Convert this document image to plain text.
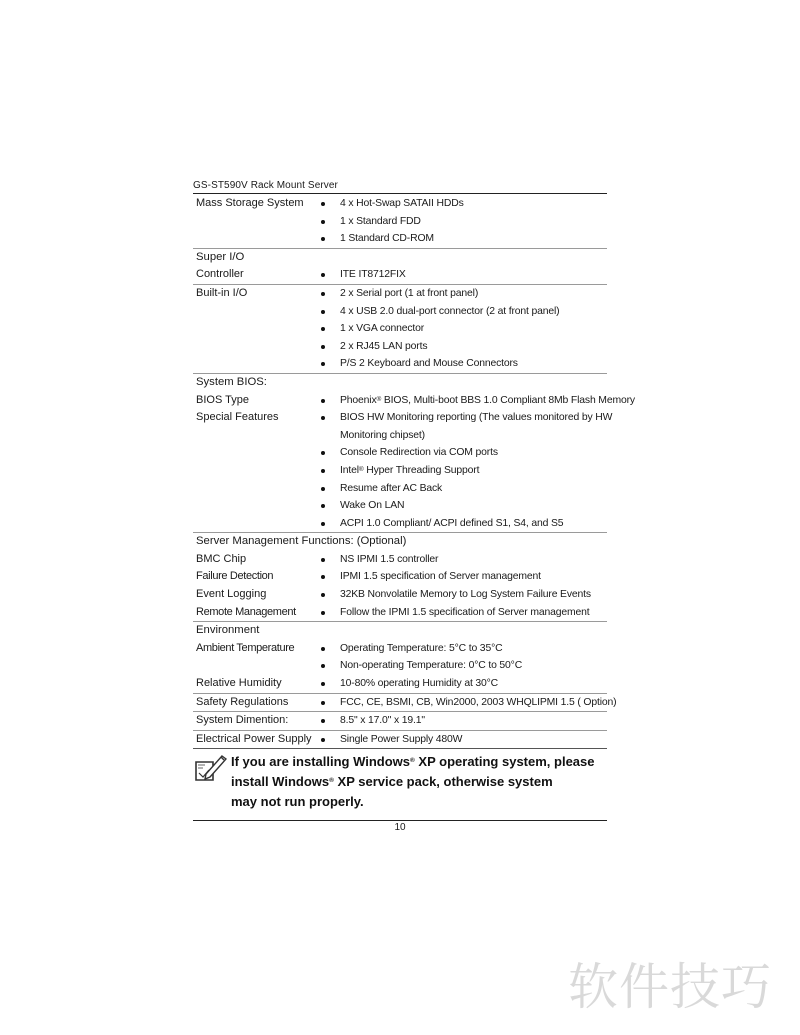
GS-ST590V Rack Mount Server
Mass Storage System	4 x Hot-Swap SATAII HDDs
1 x Standard FDD
1 Standard CD-ROM
Super I/O
Controller	ITE IT8712FIX
Built-in I/O	2 x Serial port (1 at front panel)
4 x USB 2.0 dual-port connector (2 at front panel)
1 x VGA connector
2 x RJ45 LAN ports
P/S 2 Keyboard and Mouse Connectors
System BIOS:
BIOS Type	Phoenix® BIOS, Multi-boot BBS 1.0 Compliant 8Mb Flash Memory
Special Features	BIOS HW Monitoring reporting (The values monitored by HW
Monitoring chipset)
Console Redirection via COM ports
Intel® Hyper Threading Support
Resume after AC Back
Wake On LAN
ACPI 1.0 Compliant/ ACPI defined S1, S4, and S5
Server Management Functions: (Optional)
BMC Chip	NS IPMI 1.5 controller
Failure Detection	IPMI 1.5 specification of Server management
Event Logging	32KB Nonvolatile Memory to Log System Failure Events
Remote Management	Follow the IPMI 1.5 specification of Server management
Environment
Ambient Temperature	Operating Temperature: 5°C to 35°C
Non-operating Temperature: 0°C to 50°C
Relative Humidity	10-80% operating Humidity at 30°C
Safety Regulations	FCC, CE, BSMI, CB, Win2000, 2003 WHQLIPMI 1.5 ( Option)
System Dimention:	8.5" x 17.0" x 19.1"
Electrical Power Supply	Single Power Supply 480W
If you are installing Windows® XP operating system, please
install Windows® XP service pack, otherwise system
may not run properly.
10
软件技巧
